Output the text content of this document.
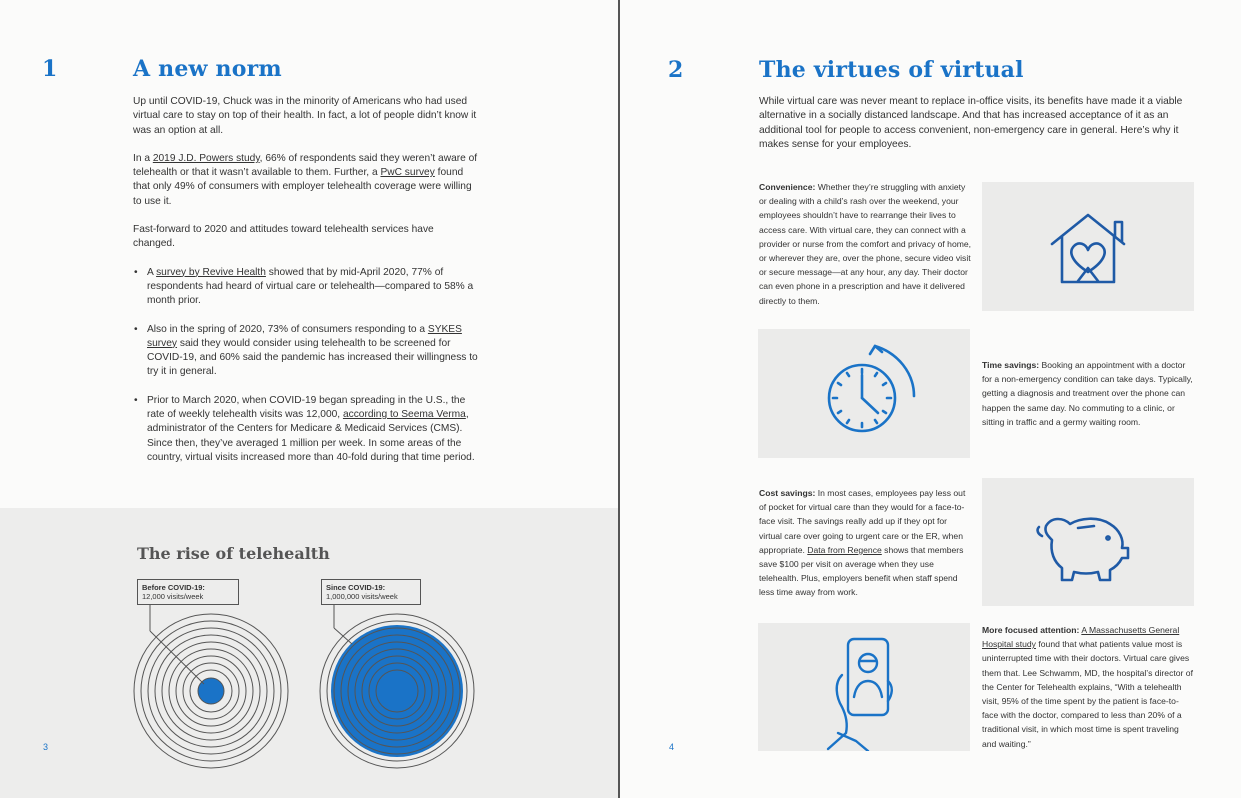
1	A new norm

Up until COVID-19, Chuck was in the minority of Americans who had used virtual care to stay on top of their health. In fact, a lot of people didn’t know it was an option at all.

In a 2019 J.D. Powers study, 66% of respondents said they weren’t aware of telehealth or that it wasn’t available to them. Further, a PwC survey found that only 49% of consumers with employer telehealth coverage were willing to use it.

Fast-forward to 2020 and attitudes toward telehealth services have changed.

• A survey by Revive Health showed that by mid-April 2020, 77% of respondents had heard of virtual care or telehealth—compared to 58% a month prior.
• Also in the spring of 2020, 73% of consumers responding to a SYKES survey said they would consider using telehealth to be screened for COVID-19, and 60% said the pandemic has increased their willingness to try it in general.
• Prior to March 2020, when COVID-19 began spreading in the U.S., the rate of weekly telehealth visits was 12,000, according to Seema Verma, administrator of the Centers for Medicare & Medicaid Services (CMS). Since then, they’ve averaged 1 million per week. In some areas of the country, virtual visits increased more than 40-fold during that time period.
The rise of telehealth
Before COVID-19:
12,000 visits/week
Since COVID-19:
1,000,000 visits/week
3
2	The virtues of virtual
While virtual care was never meant to replace in-office visits, its benefits have made it a viable alternative in a socially distanced landscape. And that has increased acceptance of it as an additional tool for people to access convenient, non-emergency care in general. Here’s why it makes sense for your employees.
Convenience: Whether they’re struggling with anxiety or dealing with a child’s rash over the weekend, your employees shouldn’t have to rearrange their lives to access care. With virtual care, they can connect with a provider or nurse from the comfort and privacy of home, or wherever they are, over the phone, secure video visit or secure message—at any hour, any day. Their doctor can even phone in a prescription and have it delivered directly to them.
Time savings: Booking an appointment with a doctor for a non-emergency condition can take days. Typically, getting a diagnosis and treatment over the phone can happen the same day. No commuting to a clinic, or sitting in traffic and a germy waiting room.
Cost savings: In most cases, employees pay less out of pocket for virtual care than they would for a face-to-face visit. The savings really add up if they opt for virtual care over going to urgent care or the ER, when appropriate. Data from Regence shows that members save $100 per visit on average when they use telehealth. Plus, employers benefit when staff spend less time away from work.
More focused attention: A Massachusetts General Hospital study found that what patients value most is uninterrupted time with their doctors. Virtual care gives them that. Lee Schwamm, MD, the hospital’s director of the Center for Telehealth explains, “With a telehealth visit, 95% of the time spent by the patient is face-to-face with the doctor, compared to less than 20% of a traditional visit, in which most time is spent traveling and waiting.”
4
